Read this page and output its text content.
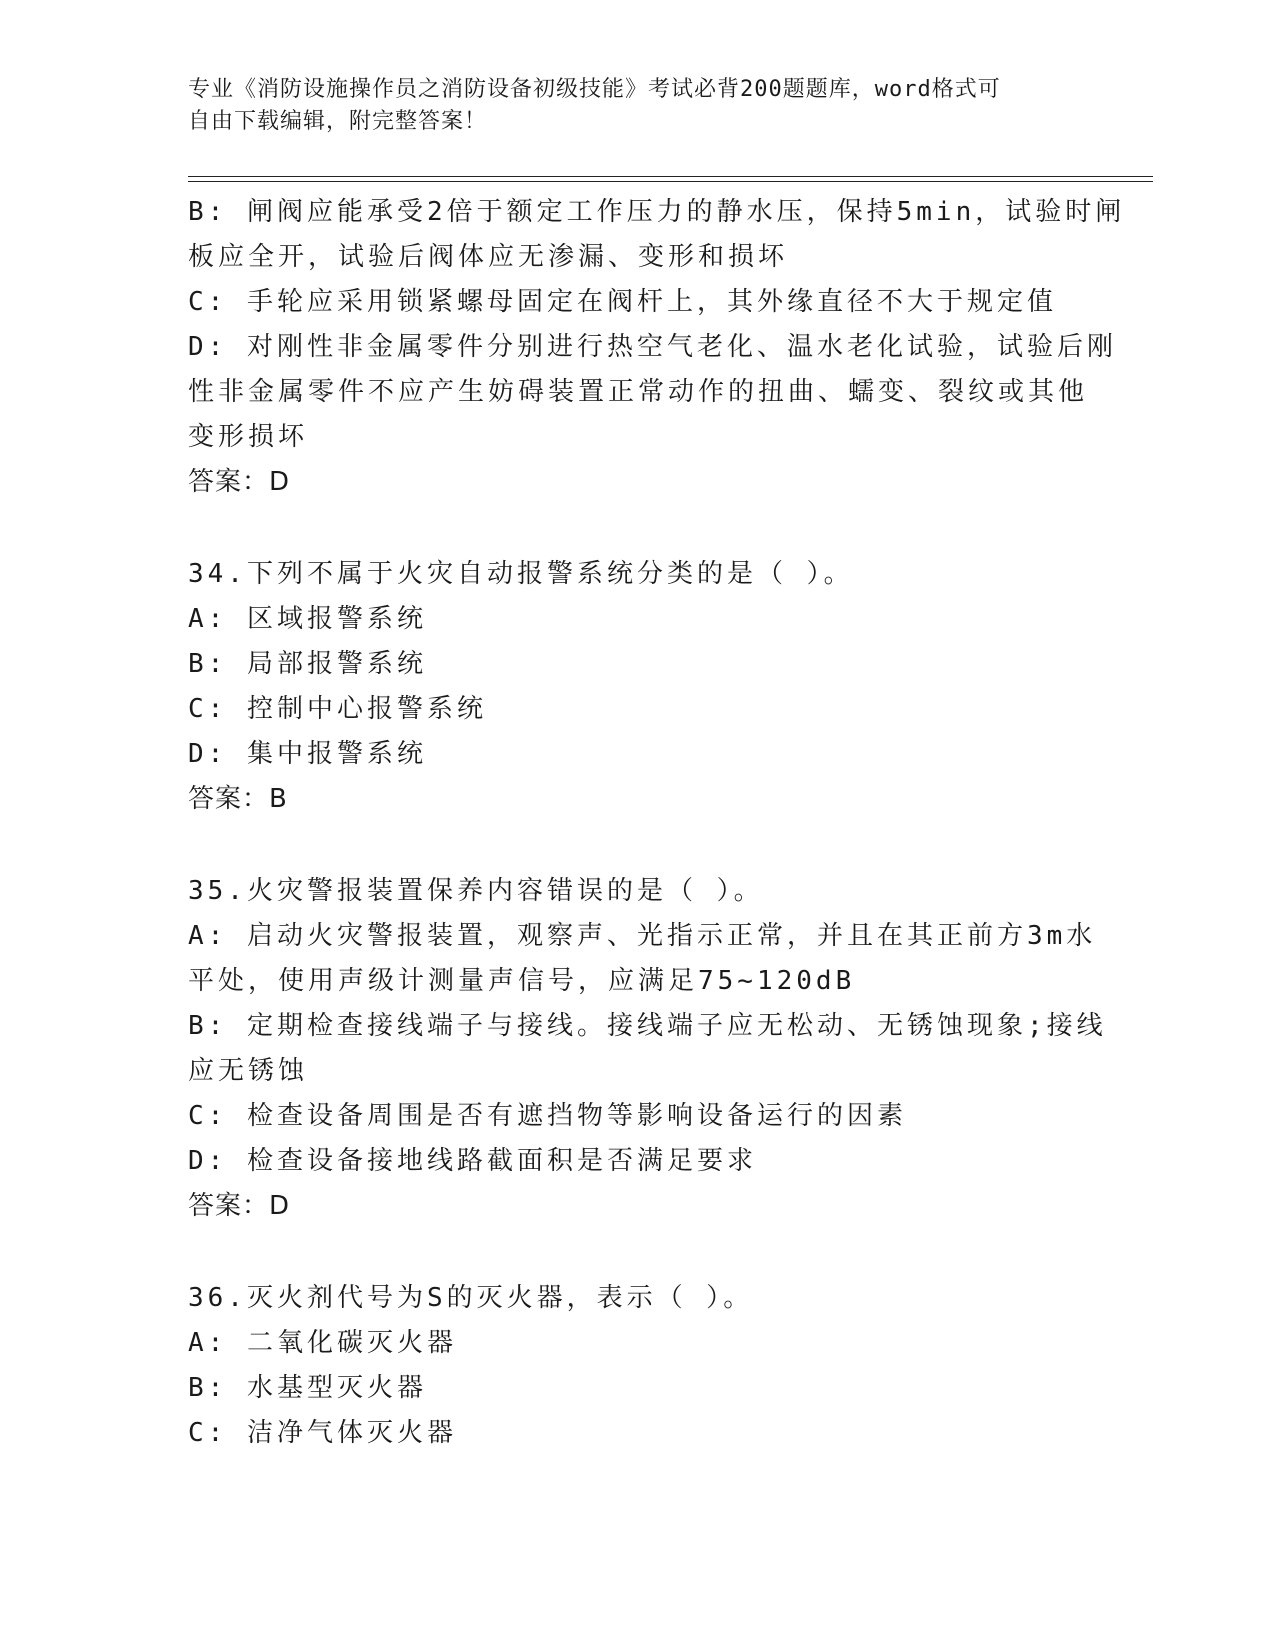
专业《消防设施操作员之消防设备初级技能》考试必背200题题库，word格式可
自由下载编辑，附完整答案！
B: 闸阀应能承受2倍于额定工作压力的静水压，保持5min，试验时闸
板应全开，试验后阀体应无渗漏、变形和损坏
C: 手轮应采用锁紧螺母固定在阀杆上，其外缘直径不大于规定值
D: 对刚性非金属零件分别进行热空气老化、温水老化试验，试验后刚
性非金属零件不应产生妨碍装置正常动作的扭曲、蠕变、裂纹或其他
变形损坏
答案：D
34.下列不属于火灾自动报警系统分类的是（ ）。
A: 区域报警系统
B: 局部报警系统
C: 控制中心报警系统
D: 集中报警系统
答案：B
35.火灾警报装置保养内容错误的是（ ）。
A: 启动火灾警报装置，观察声、光指示正常，并且在其正前方3m水
平处，使用声级计测量声信号，应满足75~120dB
B: 定期检查接线端子与接线。接线端子应无松动、无锈蚀现象;接线
应无锈蚀
C: 检查设备周围是否有遮挡物等影响设备运行的因素
D: 检查设备接地线路截面积是否满足要求
答案：D
36.灭火剂代号为S的灭火器，表示（ ）。
A: 二氧化碳灭火器
B: 水基型灭火器
C: 洁净气体灭火器
